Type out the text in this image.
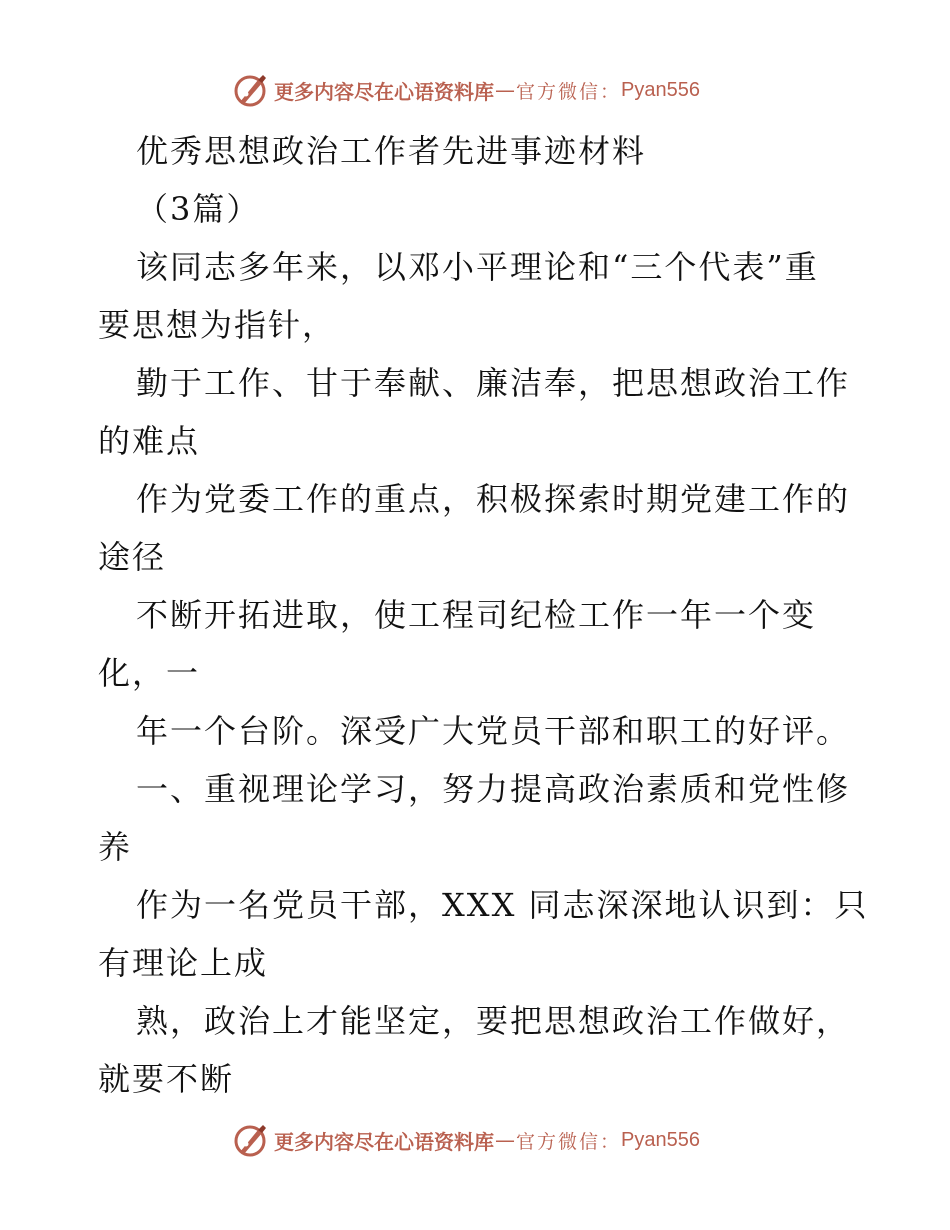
更多内容尽在心语资料库 — 官方微信： Pyan556
优秀思想政治工作者先进事迹材料
（3篇）
该同志多年来，以邓小平理论和“三个代表”重
要思想为指针，
勤于工作、甘于奉献、廉洁奉，把思想政治工作
的难点
作为党委工作的重点，积极探索时期党建工作的
途径
不断开拓进取，使工程司纪检工作一年一个变
化，一
年一个台阶。深受广大党员干部和职工的好评。
一、重视理论学习，努力提高政治素质和党性修
养
作为一名党员干部，XXX 同志深深地认识到：只
有理论上成
熟，政治上才能坚定，要把思想政治工作做好，
就要不断
更多内容尽在心语资料库 — 官方微信： Pyan556
